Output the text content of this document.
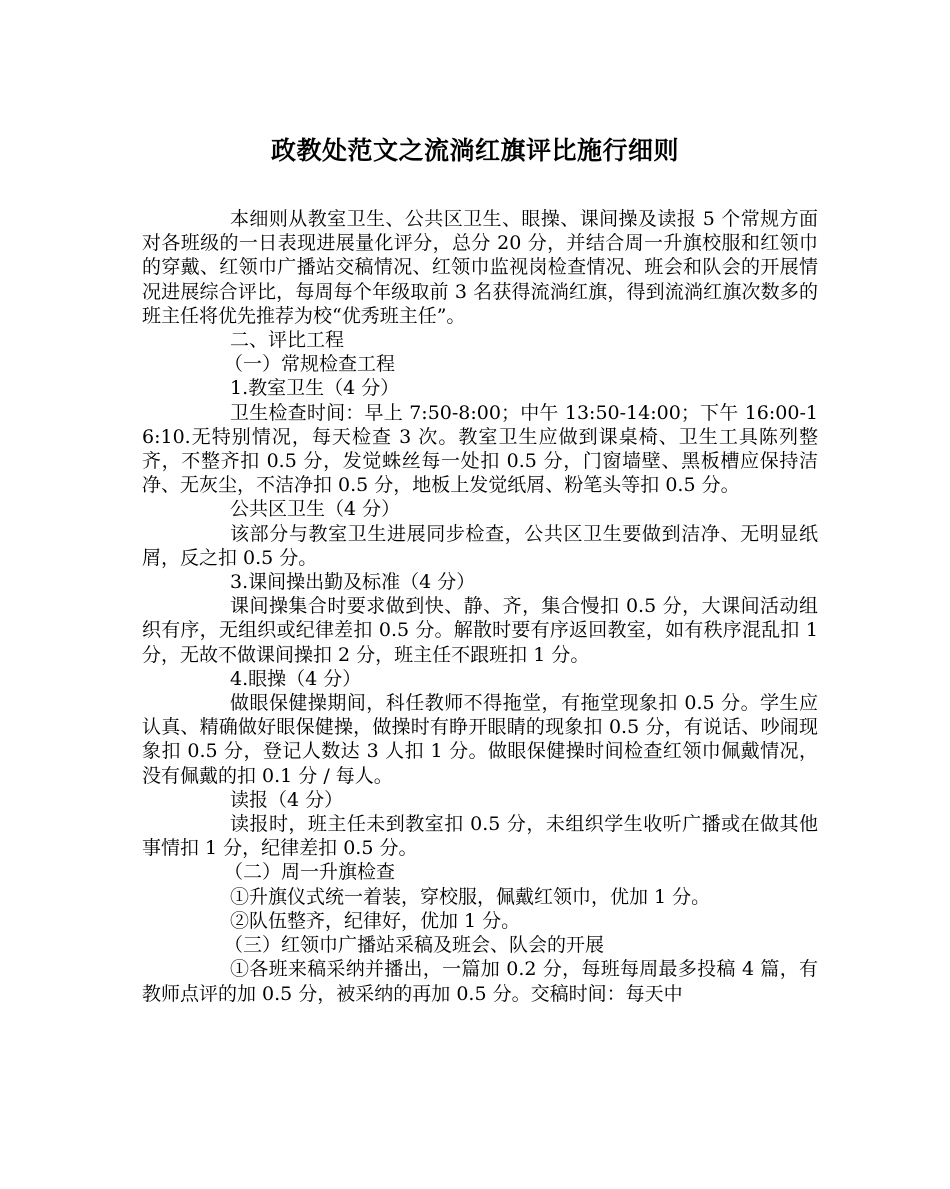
政教处范文之流淌红旗评比施行细则

本细则从教室卫生、公共区卫生、眼操、课间操及读报 5 个常规方面对各班级的一日表现进展量化评分，总分 20 分，并结合周一升旗校服和红领巾的穿戴、红领巾广播站交稿情况、红领巾监视岗检查情况、班会和队会的开展情况进展综合评比，每周每个年级取前 3 名获得流淌红旗，得到流淌红旗次数多的班主任将优先推荐为校“优秀班主任”。

二、评比工程

（一）常规检查工程

1.教室卫生（4 分）

卫生检查时间：早上 7:50-8:00；中午 13:50-14:00；下午 16:00-16:10.无特别情况，每天检查 3 次。教室卫生应做到课桌椅、卫生工具陈列整齐，不整齐扣 0.5 分，发觉蛛丝每一处扣 0.5 分，门窗墙壁、黑板槽应保持洁净、无灰尘，不洁净扣 0.5 分，地板上发觉纸屑、粉笔头等扣 0.5 分。

公共区卫生（4 分）

该部分与教室卫生进展同步检查，公共区卫生要做到洁净、无明显纸屑，反之扣 0.5 分。

3.课间操出勤及标准（4 分）

课间操集合时要求做到快、静、齐，集合慢扣 0.5 分，大课间活动组织有序，无组织或纪律差扣 0.5 分。解散时要有序返回教室，如有秩序混乱扣 1 分，无故不做课间操扣 2 分，班主任不跟班扣 1 分。

4.眼操（4 分）

做眼保健操期间，科任教师不得拖堂，有拖堂现象扣 0.5 分。学生应认真、精确做好眼保健操，做操时有睁开眼睛的现象扣 0.5 分，有说话、吵闹现象扣 0.5 分，登记人数达 3 人扣 1 分。做眼保健操时间检查红领巾佩戴情况，没有佩戴的扣 0.1 分 / 每人。

读报（4 分）

读报时，班主任未到教室扣 0.5 分，未组织学生收听广播或在做其他事情扣 1 分，纪律差扣 0.5 分。

（二）周一升旗检查

①升旗仪式统一着装，穿校服，佩戴红领巾，优加 1 分。

②队伍整齐，纪律好，优加 1 分。

（三）红领巾广播站采稿及班会、队会的开展

①各班来稿采纳并播出，一篇加 0.2 分，每班每周最多投稿 4 篇，有教师点评的加 0.5 分，被采纳的再加 0.5 分。交稿时间：每天中
